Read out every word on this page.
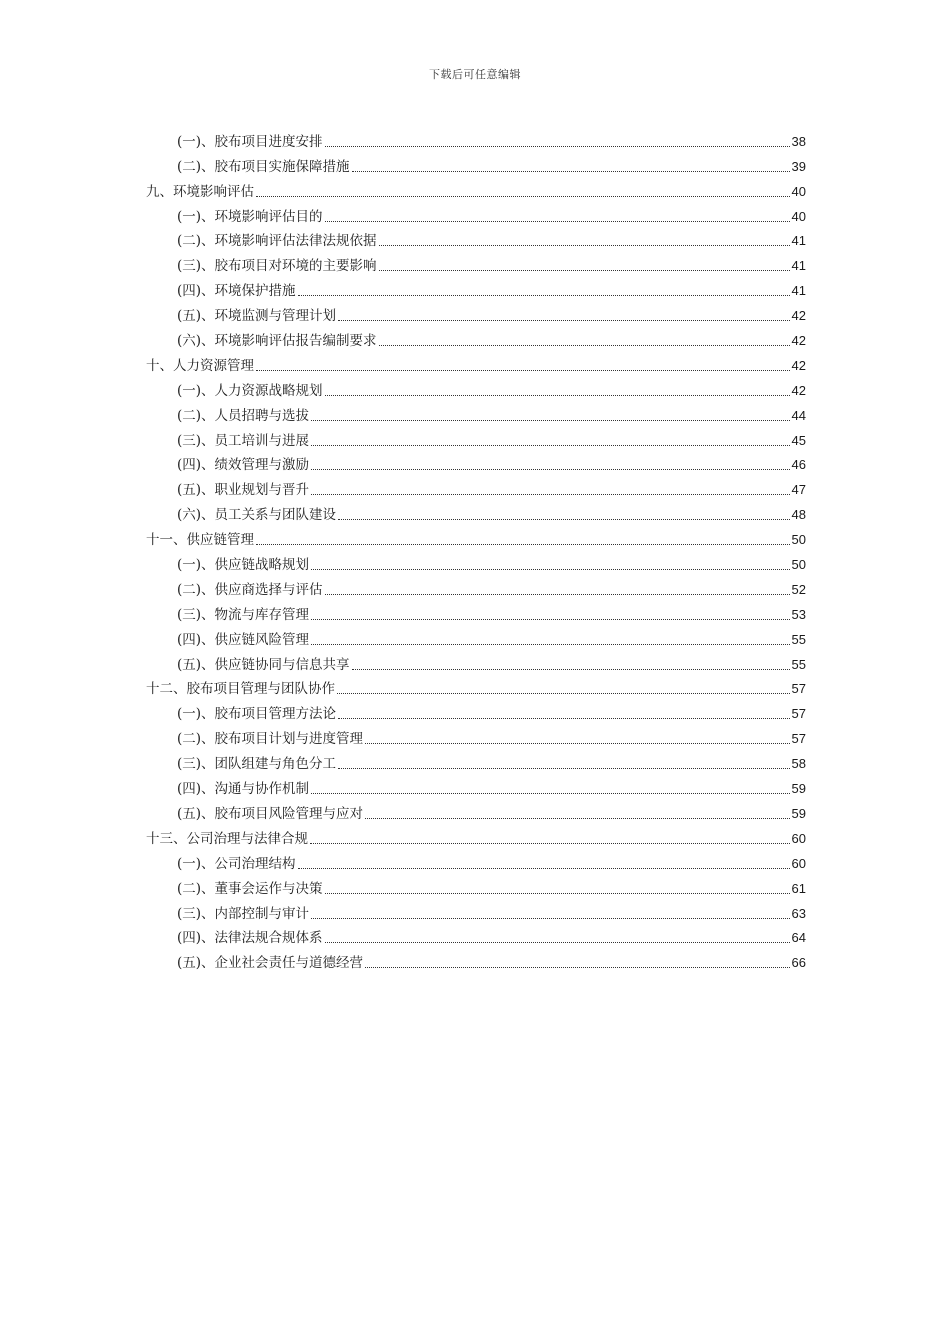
下载后可任意编辑
(一)、胶布项目进度安排	38
(二)、胶布项目实施保障措施	39
九、环境影响评估	40
(一)、环境影响评估目的	40
(二)、环境影响评估法律法规依据	41
(三)、胶布项目对环境的主要影响	41
(四)、环境保护措施	41
(五)、环境监测与管理计划	42
(六)、环境影响评估报告编制要求	42
十、人力资源管理	42
(一)、人力资源战略规划	42
(二)、人员招聘与选拔	44
(三)、员工培训与进展	45
(四)、绩效管理与激励	46
(五)、职业规划与晋升	47
(六)、员工关系与团队建设	48
十一、供应链管理	50
(一)、供应链战略规划	50
(二)、供应商选择与评估	52
(三)、物流与库存管理	53
(四)、供应链风险管理	55
(五)、供应链协同与信息共享	55
十二、胶布项目管理与团队协作	57
(一)、胶布项目管理方法论	57
(二)、胶布项目计划与进度管理	57
(三)、团队组建与角色分工	58
(四)、沟通与协作机制	59
(五)、胶布项目风险管理与应对	59
十三、公司治理与法律合规	60
(一)、公司治理结构	60
(二)、董事会运作与决策	61
(三)、内部控制与审计	63
(四)、法律法规合规体系	64
(五)、企业社会责任与道德经营	66
